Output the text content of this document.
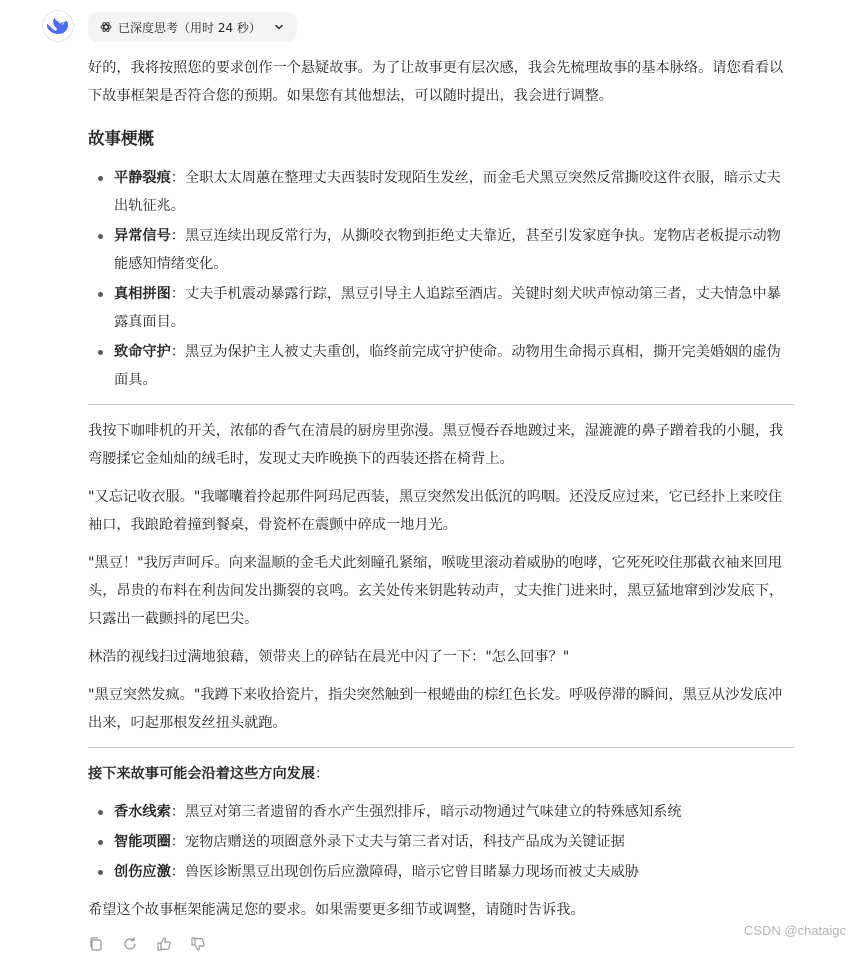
已深度思考（用时 24 秒）

好的，我将按照您的要求创作一个悬疑故事。为了让故事更有层次感，我会先梳理故事的基本脉络。请您看看以下故事框架是否符合您的预期。如果您有其他想法，可以随时提出，我会进行调整。

故事梗概
平静裂痕：全职太太周蕙在整理丈夫西装时发现陌生发丝，而金毛犬黑豆突然反常撕咬这件衣服，暗示丈夫出轨征兆。
异常信号：黑豆连续出现反常行为，从撕咬衣物到拒绝丈夫靠近，甚至引发家庭争执。宠物店老板提示动物能感知情绪变化。
真相拼图：丈夫手机震动暴露行踪，黑豆引导主人追踪至酒店。关键时刻犬吠声惊动第三者，丈夫情急中暴露真面目。
致命守护：黑豆为保护主人被丈夫重创，临终前完成守护使命。动物用生命揭示真相，撕开完美婚姻的虚伪面具。

我按下咖啡机的开关，浓郁的香气在清晨的厨房里弥漫。黑豆慢吞吞地踱过来，湿漉漉的鼻子蹭着我的小腿，我弯腰揉它金灿灿的绒毛时，发现丈夫昨晚换下的西装还搭在椅背上。

"又忘记收衣服。"我嘟囔着拎起那件阿玛尼西装，黑豆突然发出低沉的呜咽。还没反应过来，它已经扑上来咬住袖口，我踉跄着撞到餐桌，骨瓷杯在震颤中碎成一地月光。

"黑豆！"我厉声呵斥。向来温顺的金毛犬此刻瞳孔紧缩，喉咙里滚动着威胁的咆哮，它死死咬住那截衣袖来回甩头，昂贵的布料在利齿间发出撕裂的哀鸣。玄关处传来钥匙转动声，丈夫推门进来时，黑豆猛地窜到沙发底下，只露出一截颤抖的尾巴尖。

林浩的视线扫过满地狼藉，领带夹上的碎钻在晨光中闪了一下："怎么回事？"

"黑豆突然发疯。"我蹲下来收拾瓷片，指尖突然触到一根蜷曲的棕红色长发。呼吸停滞的瞬间，黑豆从沙发底冲出来，叼起那根发丝扭头就跑。

接下来故事可能会沿着这些方向发展：

香水线索：黑豆对第三者遗留的香水产生强烈排斥，暗示动物通过气味建立的特殊感知系统
智能项圈：宠物店赠送的项圈意外录下丈夫与第三者对话，科技产品成为关键证据
创伤应激：兽医诊断黑豆出现创伤后应激障碍，暗示它曾目睹暴力现场而被丈夫威胁

希望这个故事框架能满足您的要求。如果需要更多细节或调整，请随时告诉我。

CSDN @chataigc
